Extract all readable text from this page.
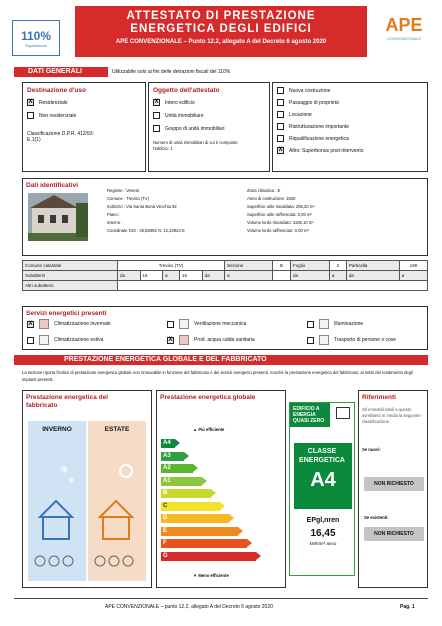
110%
Superbonus
ATTESTATO DI PRESTAZIONE
ENERGETICA DEGLI EDIFICI
APE CONVENZIONALE – Punto 12.2, allegato A del Decreto 6 agosto 2020
APE
CONVENZIONALE
DATI GENERALI	Utilizzabile solo ai fini delle detrazioni fiscali del 110%
Destinazione d'uso
X	Residenziale
Non residenziale
Classificazione D.P.R. 412/93:
E.1(1)
Oggetto dell'attestato
X	Intero edificio
Unità immobiliare
Gruppo di unità immobiliari
Numero di unità immobiliari di cui è composto l'edificio: 1
Nuova costruzione
Passaggio di proprietà
Locazione
Ristrutturazione importante
Riqualificazione energetica
X	Altro: Superbonus post-intervento
Dati identificativi
Regione : Veneto
Comune : Treviso (TV)
Indirizzo : Via Santa Bona Vecchia 92
Piano :
Interno :
Coordinate GIS : 45,68392 N, 12,22924 E
Zona climatica : E
Anno di costruzione: 1930
Superficie utile riscaldata: 256,20 m²
Superficie utile raffrescata: 0,00 m²
Volume lordo riscaldato: 1155,10 m³
Volume lordo raffrescato: 0,00 m³
Comune catastale	Treviso (TV)					Sezione	B	Foglio	2	Particella	198
Subalterni	da	16	a	16	da	a		da	a	da	a
Altri subalterni											
Servizi energetici presenti
X	Climatizzazione invernale	Ventilazione meccanica	Illuminazione
Climatizzazione estiva	X	Prod. acqua calda sanitaria	Trasporto di persone o cose
PRESTAZIONE ENERGETICA GLOBALE E DEL FABBRICATO
La sezione riporta l'indice di prestazione energetica globale non rinnovabile in funzione del fabbricato e dei servizi energetici presenti, nonché la prestazione energetica del fabbricato, al netto del rendimento degli impianti presenti.
Prestazione energetica del fabbricato
INVERNO
❄
❄
ESTATE
Prestazione energetica globale
▲ Più efficiente
A4
A3
A2
A1
B
C
D
E
F
G
▼ Meno efficiente
EDIFICIO A ENERGIA QUASI ZERO
CLASSE ENERGETICA
A4
EPgl,nren
16,45
kWh/m² anno
Riferimenti
Gli immobili simili a questo avrebbero in media la seguente classificazione:
Se nuovi:
NON RICHIESTO
Se esistenti:
NON RICHIESTO
APE CONVENZIONALE – punto 12.2, allegato A del Decreto 6 agosto 2020	Pag. 1
